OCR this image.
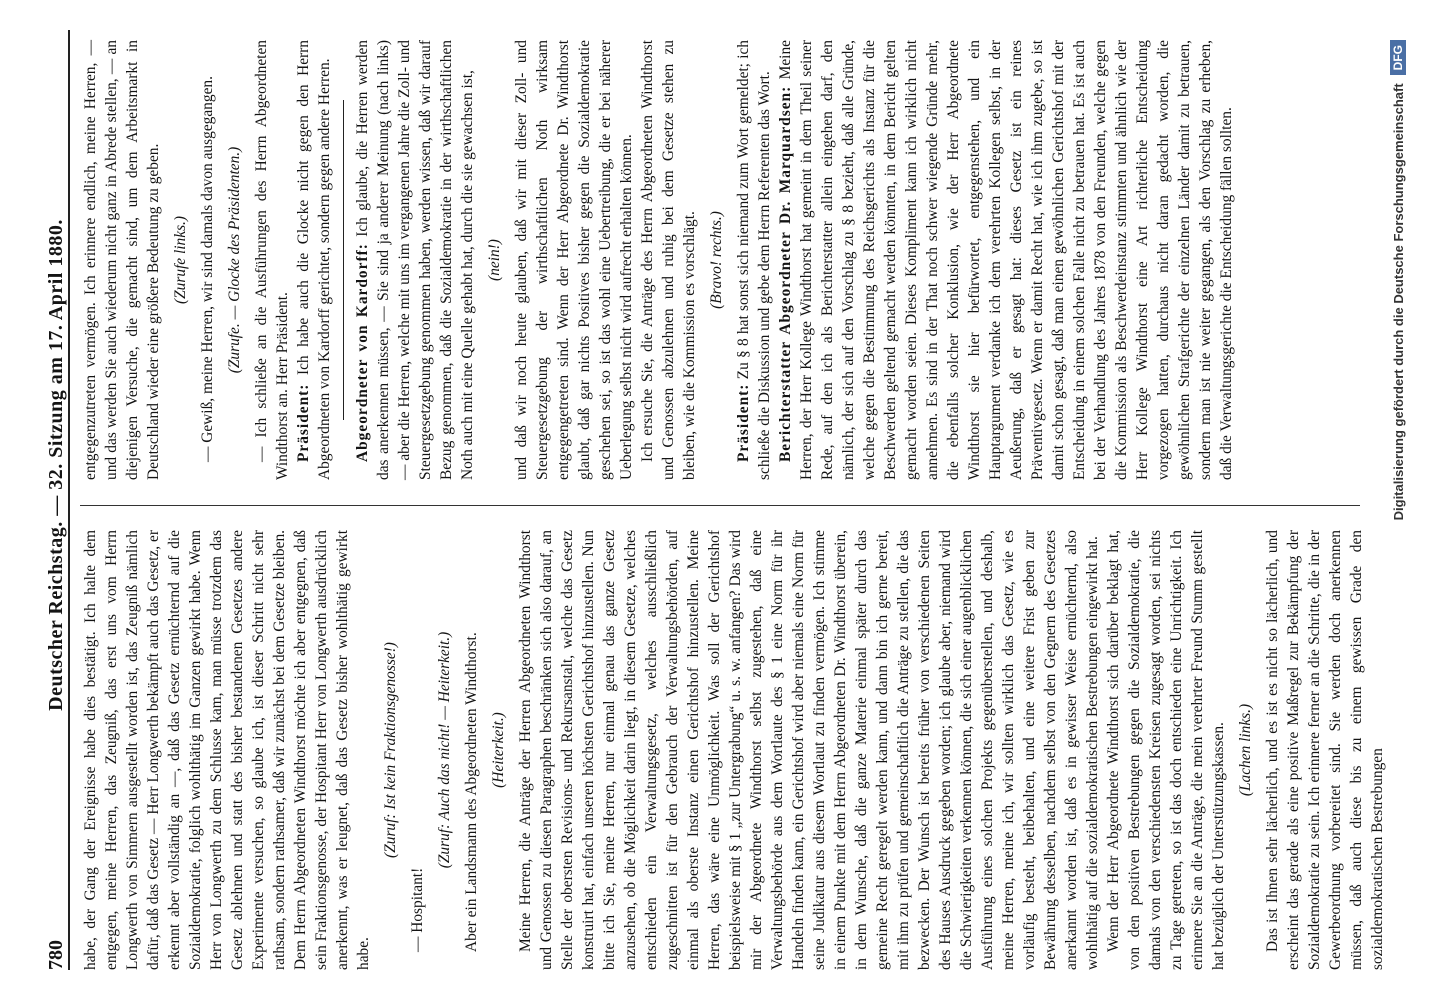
780
Deutscher Reichstag. — 32. Sitzung am 17. April 1880.

habe, der Gang der Ereignisse habe dies bestätigt. Ich halte dem entgegen, meine Herren, das Zeugniß, das erst uns vom Herrn Longwerth von Simmern ausgestellt worden ist, das Zeugniß nämlich dafür, daß das Gesetz — Herr Longwerth bekämpft auch das Gesetz, er erkennt aber vollständig an —, daß das Gesetz ernüchternd auf die Sozialdemokratie, folglich wohlthätig im Ganzen gewirkt habe. Wenn Herr von Longwerth zu dem Schlusse kam, man müsse trotzdem das Gesetz ablehnen und statt des bisher bestandenen Gesetzes andere Experimente versuchen, so glaube ich, ist dieser Schritt nicht sehr rathsam, sondern rathsamer, daß wir zunächst bei dem Gesetze bleiben. Dem Herrn Abgeordneten Windthorst möchte ich aber entgegnen, daß sein Fraktionsgenosse, der Hospitant Herr von Longwerth ausdrücklich anerkennt, was er leugnet, daß das Gesetz bisher wohlthätig gewirkt habe.

(Zuruf: Ist kein Fraktionsgenosse!)

— Hospitant!

(Zuruf: Auch das nicht! — Heiterkeit.) Aber ein Landsmann des Abgeordneten Windthorst. (Heiterkeit.) Meine Herren, die Anträge der Herren Abgeordneten Windthorst und Genossen zu diesen Paragraphen beschränken sich also darauf, an Stelle der obersten Revisions- und Rekursanstalt, welche das Gesetz konstruirt hat, einfach unseren höchsten Gerichtshof hinzustellen. Nun bitte ich Sie, meine Herren, nur einmal genau das ganze Gesetz anzusehen, ob die Möglichkeit darin liegt, in diesem Gesetze, welches entschieden ein Verwaltungsgesetz, welches ausschließlich zugeschnitten ist für den Gebrauch der Verwaltungsbehörden, auf einmal als oberste Instanz einen Gerichtshof hinzustellen. Meine Herren, das wäre eine Unmöglichkeit. Was soll der Gerichtshof beispielsweise mit § 1 „zur Untergrabung“ u. s. w. anfangen? Das wird mir der Abgeordnete Windthorst selbst zugestehen, daß eine Verwaltungsbehörde aus dem Wortlaute des § 1 eine Norm für ihr Handeln finden kann, ein Gerichtshof wird aber niemals eine Norm für seine Judikatur aus diesem Wortlaut zu finden vermögen. Ich stimme in einem Punkte mit dem Herrn Abgeordneten Dr. Windthorst überein, in dem Wunsche, daß die ganze Materie einmal später durch das gemeine Recht geregelt werden kann, und dann bin ich gerne bereit, mit ihm zu prüfen und gemeinschaftlich die Anträge zu stellen, die das bezwecken. Der Wunsch ist bereits früher von verschiedenen Seiten des Hauses Ausdruck gegeben worden; ich glaube aber, niemand wird die Schwierigkeiten verkennen können, die sich einer augenblicklichen Ausführung eines solchen Projekts gegenüberstellen, und deshalb, meine Herren, meine ich, wir sollten wirklich das Gesetz, wie es vorläufig besteht, beibehalten, und eine weitere Frist geben zur Bewährung desselben, nachdem selbst von den Gegnern des Gesetzes anerkannt worden ist, daß es in gewisser Weise ernüchternd, also wohlthätig auf die sozialdemokratischen Bestrebungen eingewirkt hat. Wenn der Herr Abgeordnete Windthorst sich darüber beklagt hat, von den positiven Bestrebungen gegen die Sozialdemokratie, die damals von den verschiedensten Kreisen zugesagt worden, sei nichts zu Tage getreten, so ist das doch entschieden eine Unrichtigkeit. Ich erinnere Sie an die Anträge, die mein verehrter Freund Stumm gestellt hat bezüglich der Unterstützungskassen. (Lachen links.) Das ist Ihnen sehr lächerlich, und es ist es nicht so lächerlich, und erscheint das gerade als eine positive Maßregel zur Bekämpfung der Sozialdemokratie zu sein. Ich erinnere ferner an die Schritte, die in der Gewerbeordnung vorbereitet sind. Sie werden doch anerkennen müssen, daß auch diese bis zu einem gewissen Grade den sozialdemokratischen Bestrebungen

entgegenzutreten vermögen. Ich erinnere endlich, meine Herren, — und das werden Sie auch wiederum nicht ganz in Abrede stellen, — an diejenigen Versuche, die gemacht sind, um dem Arbeitsmarkt in Deutschland wieder eine größere Bedeutung zu geben. (Zurufe links.) — Gewiß, meine Herren, wir sind damals davon ausgegangen. (Zurufe. — Glocke des Präsidenten.) — Ich schließe an die Ausführungen des Herrn Abgeordneten Windthorst an. Herr Präsident. Präsident: Ich habe auch die Glocke nicht gegen den Herrn Abgeordneten von Kardorff gerichtet, sondern gegen andere Herren. Abgeordneter von Kardorff: Ich glaube, die Herren werden das anerkennen müssen, — Sie sind ja anderer Meinung (nach links) — aber die Herren, welche mit uns im vergangenen Jahre die Zoll- und Steuergesetzgebung genommen haben, werden wissen, daß wir darauf Bezug genommen, daß die Sozialdemokratie in der wirthschaftlichen Noth auch mit eine Quelle gehabt hat, durch die sie gewachsen ist, (nein!) und daß wir noch heute glauben, daß wir mit dieser Zoll- und Steuergesetzgebung der wirthschaftlichen Noth wirksam entgegengetreten sind. Wenn der Herr Abgeordnete Dr. Windthorst glaubt, daß gar nichts Positives bisher gegen die Sozialdemokratie geschehen sei, so ist das wohl eine Uebertreibung, die er bei näherer Ueberlegung selbst nicht wird aufrecht erhalten können. Ich ersuche Sie, die Anträge des Herrn Abgeordneten Windthorst und Genossen abzulehnen und ruhig bei dem Gesetze stehen zu bleiben, wie die Kommission es vorschlägt. (Bravo! rechts.)

Präsident: Zu § 8 hat sonst sich niemand zum Wort gemeldet; ich schließe die Diskussion und gebe dem Herrn Referenten das Wort. Berichterstatter Abgeordneter Dr. Marquardsen: Meine Herren, der Herr Kollege Windthorst hat gemeint in dem Theil seiner Rede, auf den ich als Berichterstatter allein eingehen darf, den nämlich, der sich auf den Vorschlag zu § 8 bezieht, daß alle Gründe, welche gegen die Bestimmung des Reichsgerichts als Instanz für die Beschwerden geltend gemacht werden könnten, in dem Bericht gelten gemacht worden seien. Dieses Kompliment kann ich wirklich nicht annehmen. Es sind in der That noch schwer wiegende Gründe mehr, die ebenfalls solcher Konklusion, wie der Herr Abgeordnete Windthorst sie hier befürwortet, entgegenstehen, und ein Hauptargument verdanke ich dem verehrten Kollegen selbst, in der Aeußerung, daß er gesagt hat: dieses Gesetz ist ein reines Präventivgesetz. Wenn er damit Recht hat, wie ich ihm zugebe, so ist damit schon gesagt, daß man einen gewöhnlichen Gerichtshof mit der Entscheidung in einem solchen Falle nicht zu betrauen hat. Es ist auch bei der Verhandlung des Jahres 1878 von den Freunden, welche gegen die Kommission als Beschwerdeinstanz stimmten und ähnlich wie der Herr Kollege Windthorst eine Art richterliche Entscheidung vorgezogen hatten, durchaus nicht daran gedacht worden, die gewöhnlichen Strafgerichte der einzelnen Länder damit zu betrauen, sondern man ist nie weiter gegangen, als den Vorschlag zu erheben, daß die Verwaltungsgerichte die Entscheidung fällen sollten.	Digitalisierung gefördert durch die Deutsche Forschungsgemeinschaft
DFG
